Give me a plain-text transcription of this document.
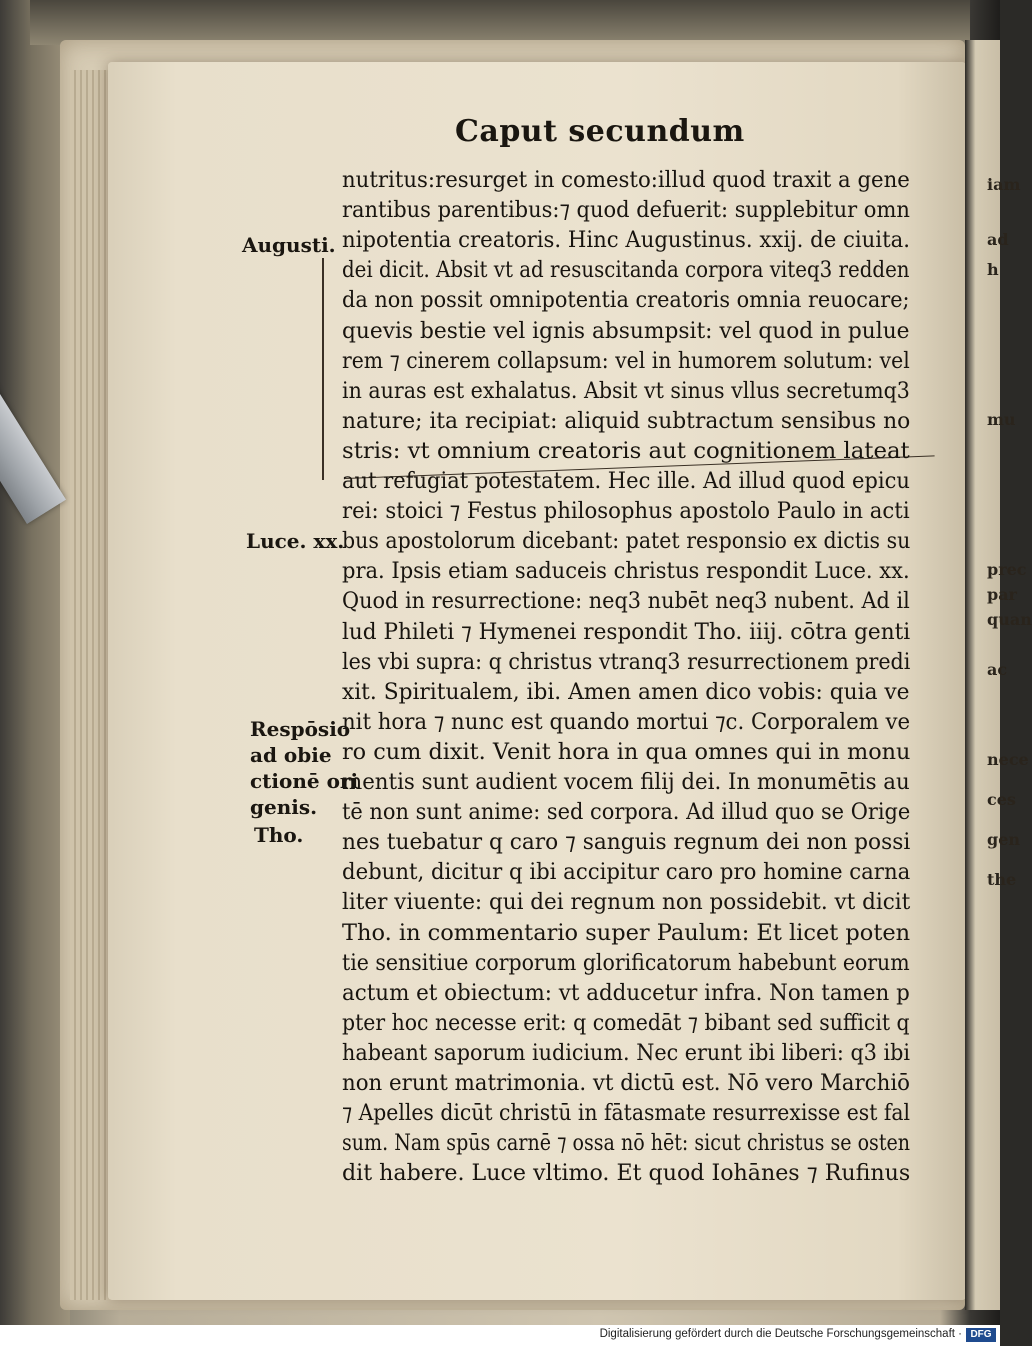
iam
ad
h
mu
prec
par
quan
ac
nece
ces
gen
the
Caput secundum
nutritus:resurget in comesto:illud quod traxit a gene
rantibus parentibus:⁊ quod defuerit: supplebitur omn
nipotentia creatoris. Hinc Augustinus. xxij. de ciuita.
dei dicit. Absit vt ad resuscitanda corpora viteq3 redden
da non possit omnipotentia creatoris omnia reuocare;
quevis bestie vel ignis absumpsit: vel quod in pulue
rem ⁊ cinerem collapsum: vel in humorem solutum: vel
in auras est exhalatus. Absit vt sinus vllus secretumq3
nature; ita recipiat: aliquid subtractum sensibus no
stris: vt omnium creatoris aut cognitionem lateat
aut refugiat potestatem. Hec ille. Ad illud quod epicu
rei: stoici ⁊ Festus philosophus apostolo Paulo in acti
bus apostolorum dicebant: patet responsio ex dictis su
pra. Ipsis etiam saduceis christus respondit Luce. xx.
Quod in resurrectione: neq3 nubēt neq3 nubent. Ad il
lud Phileti ⁊ Hymenei respondit Tho. iiij. cōtra genti
les vbi supra: q christus vtranq3 resurrectionem predi
xit. Spiritualem, ibi. Amen amen dico vobis: quia ve
nit hora ⁊ nunc est quando mortui ⁊c. Corporalem ve
ro cum dixit. Venit hora in qua omnes qui in monu
mentis sunt audient vocem filij dei. In monumētis au
tē non sunt anime: sed corpora. Ad illud quo se Orige
nes tuebatur q caro ⁊ sanguis regnum dei non possi
debunt, dicitur q ibi accipitur caro pro homine carna
liter viuente: qui dei regnum non possidebit. vt dicit
Tho. in commentario super Paulum: Et licet poten
tie sensitiue corporum glorificatorum habebunt eorum
actum et obiectum: vt adducetur infra. Non tamen p
pter hoc necesse erit: q comedāt ⁊ bibant sed sufficit q
habeant saporum iudicium. Nec erunt ibi liberi: q3 ibi
non erunt matrimonia. vt dictū est. Nō vero Marchiō
⁊ Apelles dicūt christū in fātasmate resurrexisse est fal
sum. Nam spūs carnē ⁊ ossa nō hēt: sicut christus se osten
dit habere. Luce vltimo. Et quod Iohānes ⁊ Rufinus
Augusti.
Luce. xx.
Respōsio
ad obie
ctionē ori
genis.
Tho.
Digitalisierung gefördert durch die Deutsche Forschungsgemeinschaft · DFG
